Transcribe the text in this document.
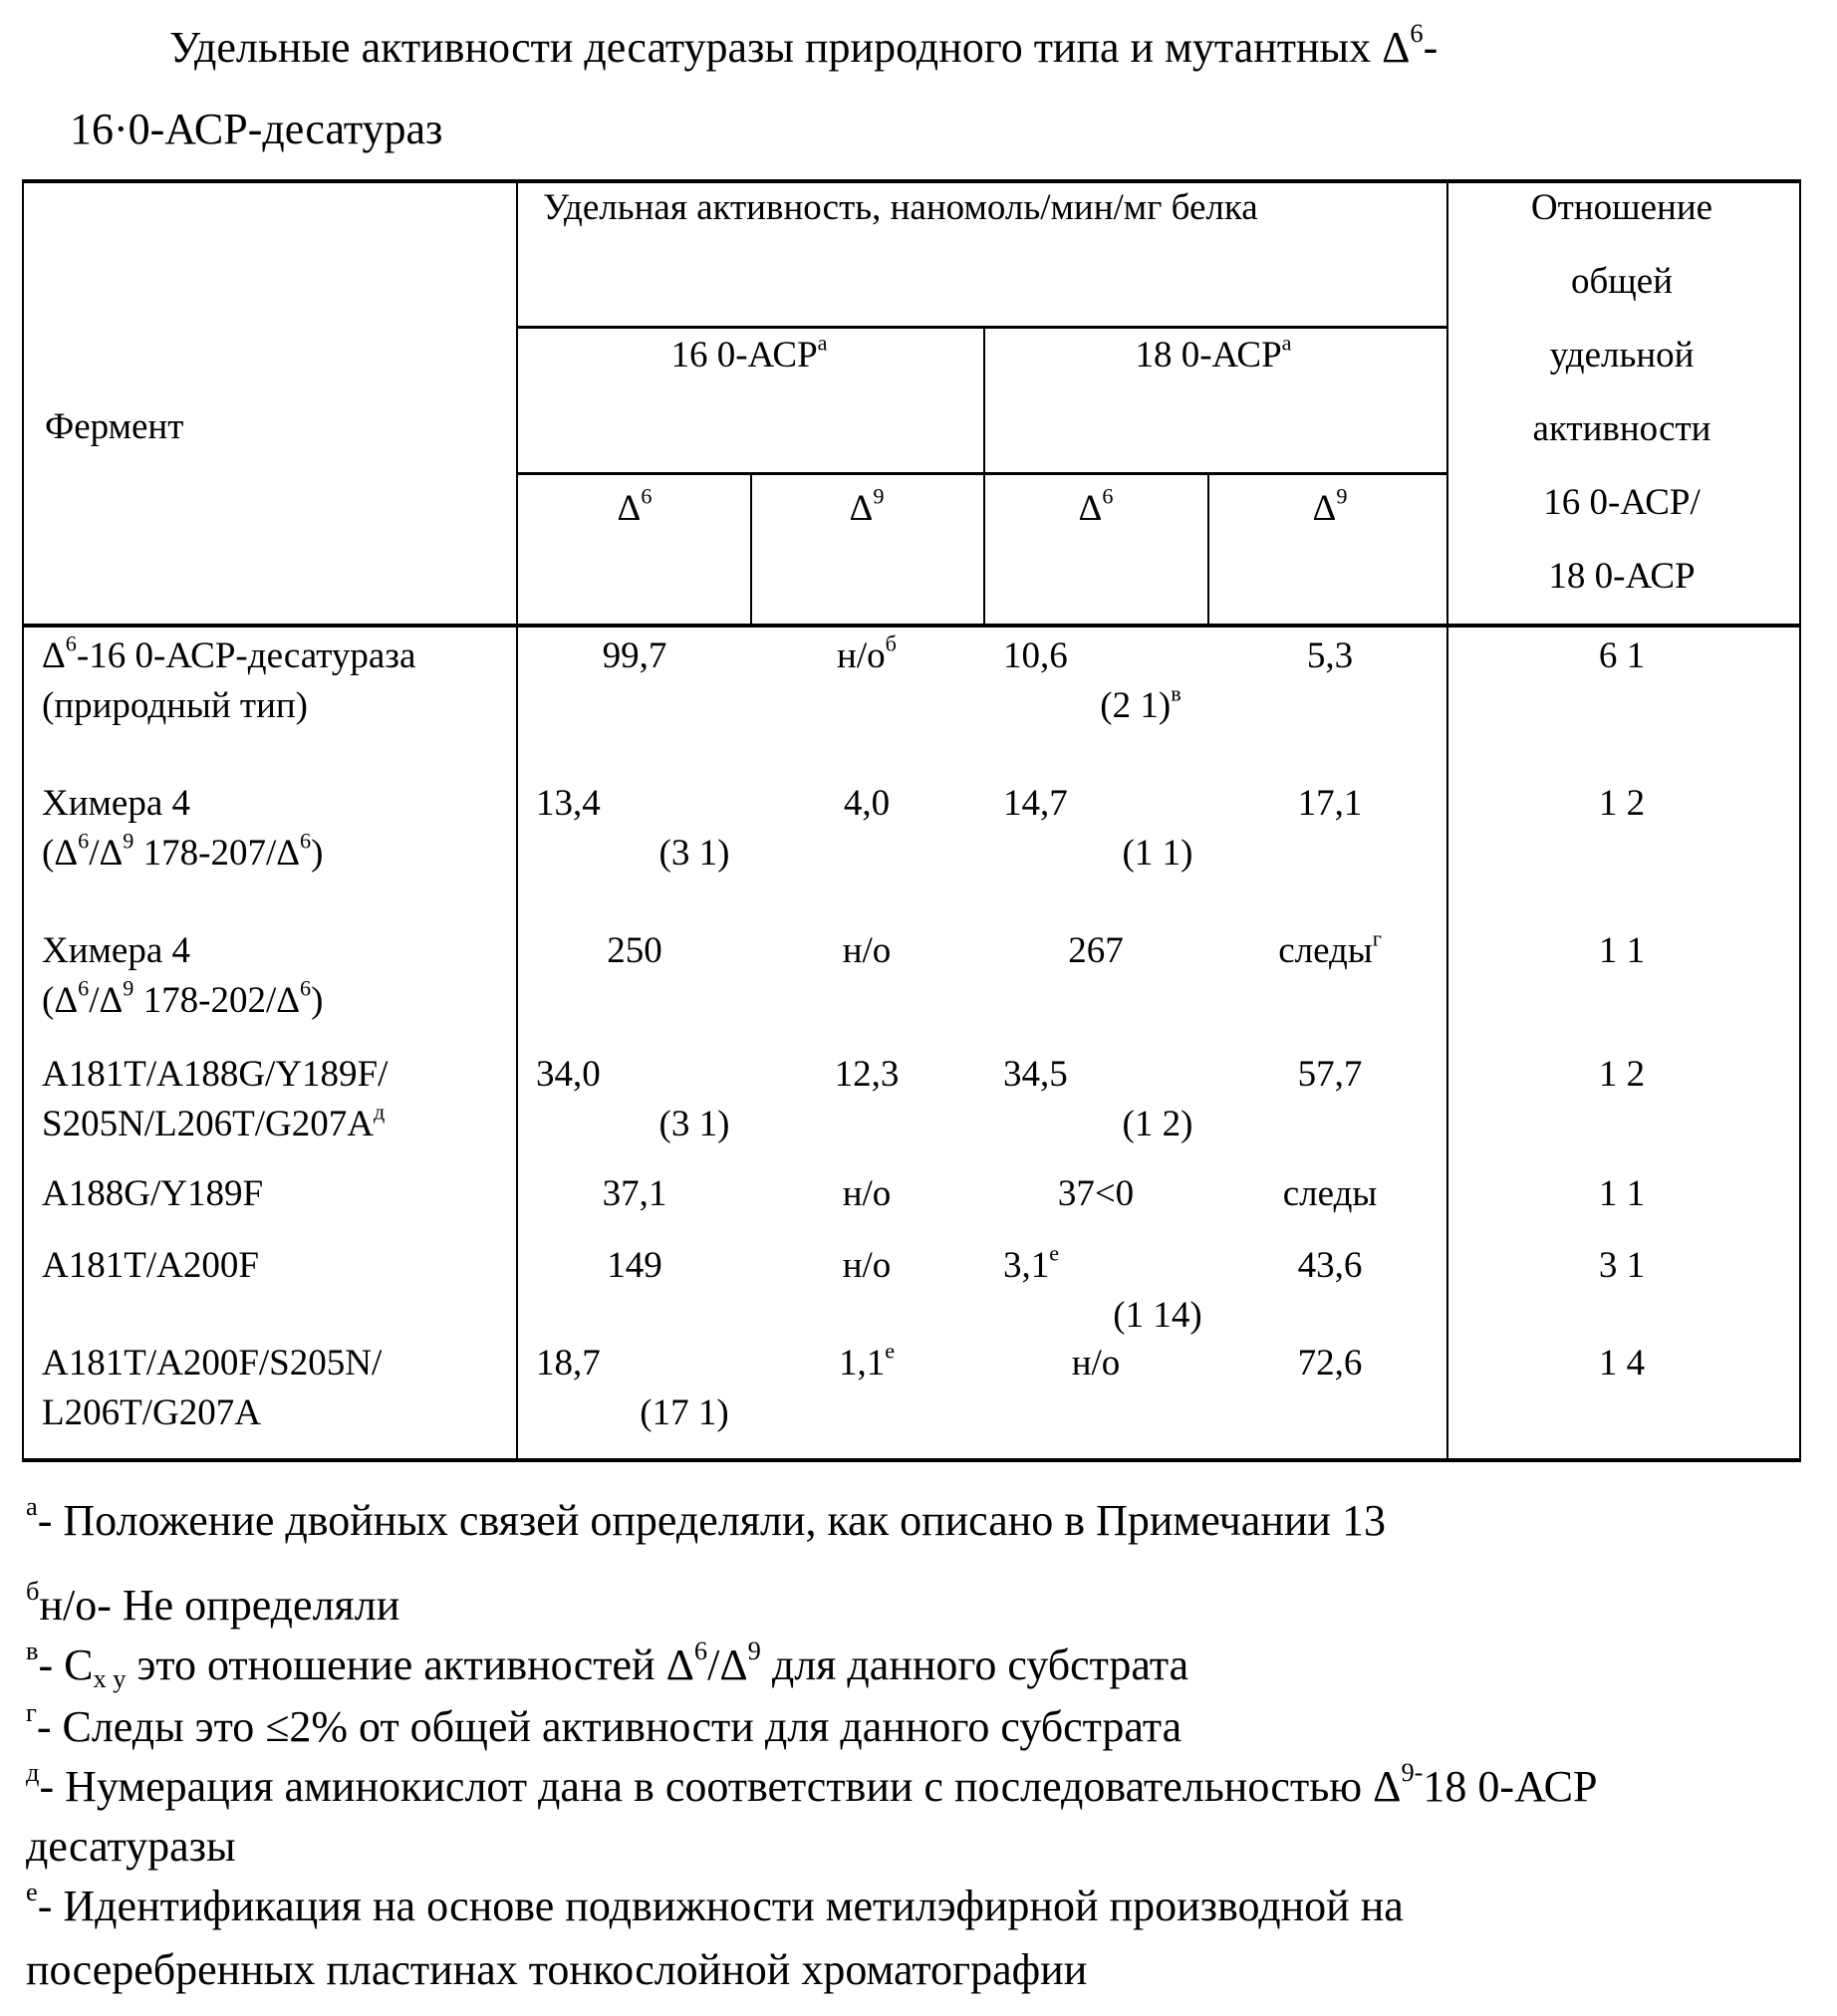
Удельные активности десатуразы природного типа и мутантных Δ6-
16·0-АСР-десатураз
Фермент
Удельная активность, наномоль/мин/мг белка	Отношение
общей
удельной
активности
16 0-АСР/
18 0-АСР
16 0-АСРа	18 0-АСРа
Δ6	Δ9	Δ6	Δ9
Δ6-16 0-АСР-десатураза
(природный тип)
99,7	н/об	10,6	5,3
(2 1)в
6 1
Химера 4
(Δ6/Δ9 178-207/Δ6)
13,4	4,0
(3 1)
14,7	17,1
(1 1)
1 2
Химера 4
(Δ6/Δ9 178-202/Δ6)
250	н/о	267	следыг	1 1
A181T/A188G/Y189F/
S205N/L206T/G207Aд
34,0	12,3
(3 1)
34,5	57,7
(1 2)
1 2
A188G/Y189F	37,1	н/о	37<0	следы	1 1
A181T/A200F	149	н/о	3,1е	43,6
(1 14)
3 1
A181T/A200F/S205N/
L206T/G207A
18,7	1,1е
(17 1)
н/о	72,6	1 4
а- Положение двойных связей определяли, как описано в Примечании 13
бн/о- Не определяли
в- Сx y это отношение активностей Δ6/Δ9 для данного субстрата
г- Следы это ≤2% от общей активности для данного субстрата
д- Нумерация аминокислот дана в соответствии с последовательностью Δ9-18 0-АСР
десатуразы
е- Идентификация на основе подвижности метилэфирной производной на
посеребренных пластинах тонкослойной хроматографии
